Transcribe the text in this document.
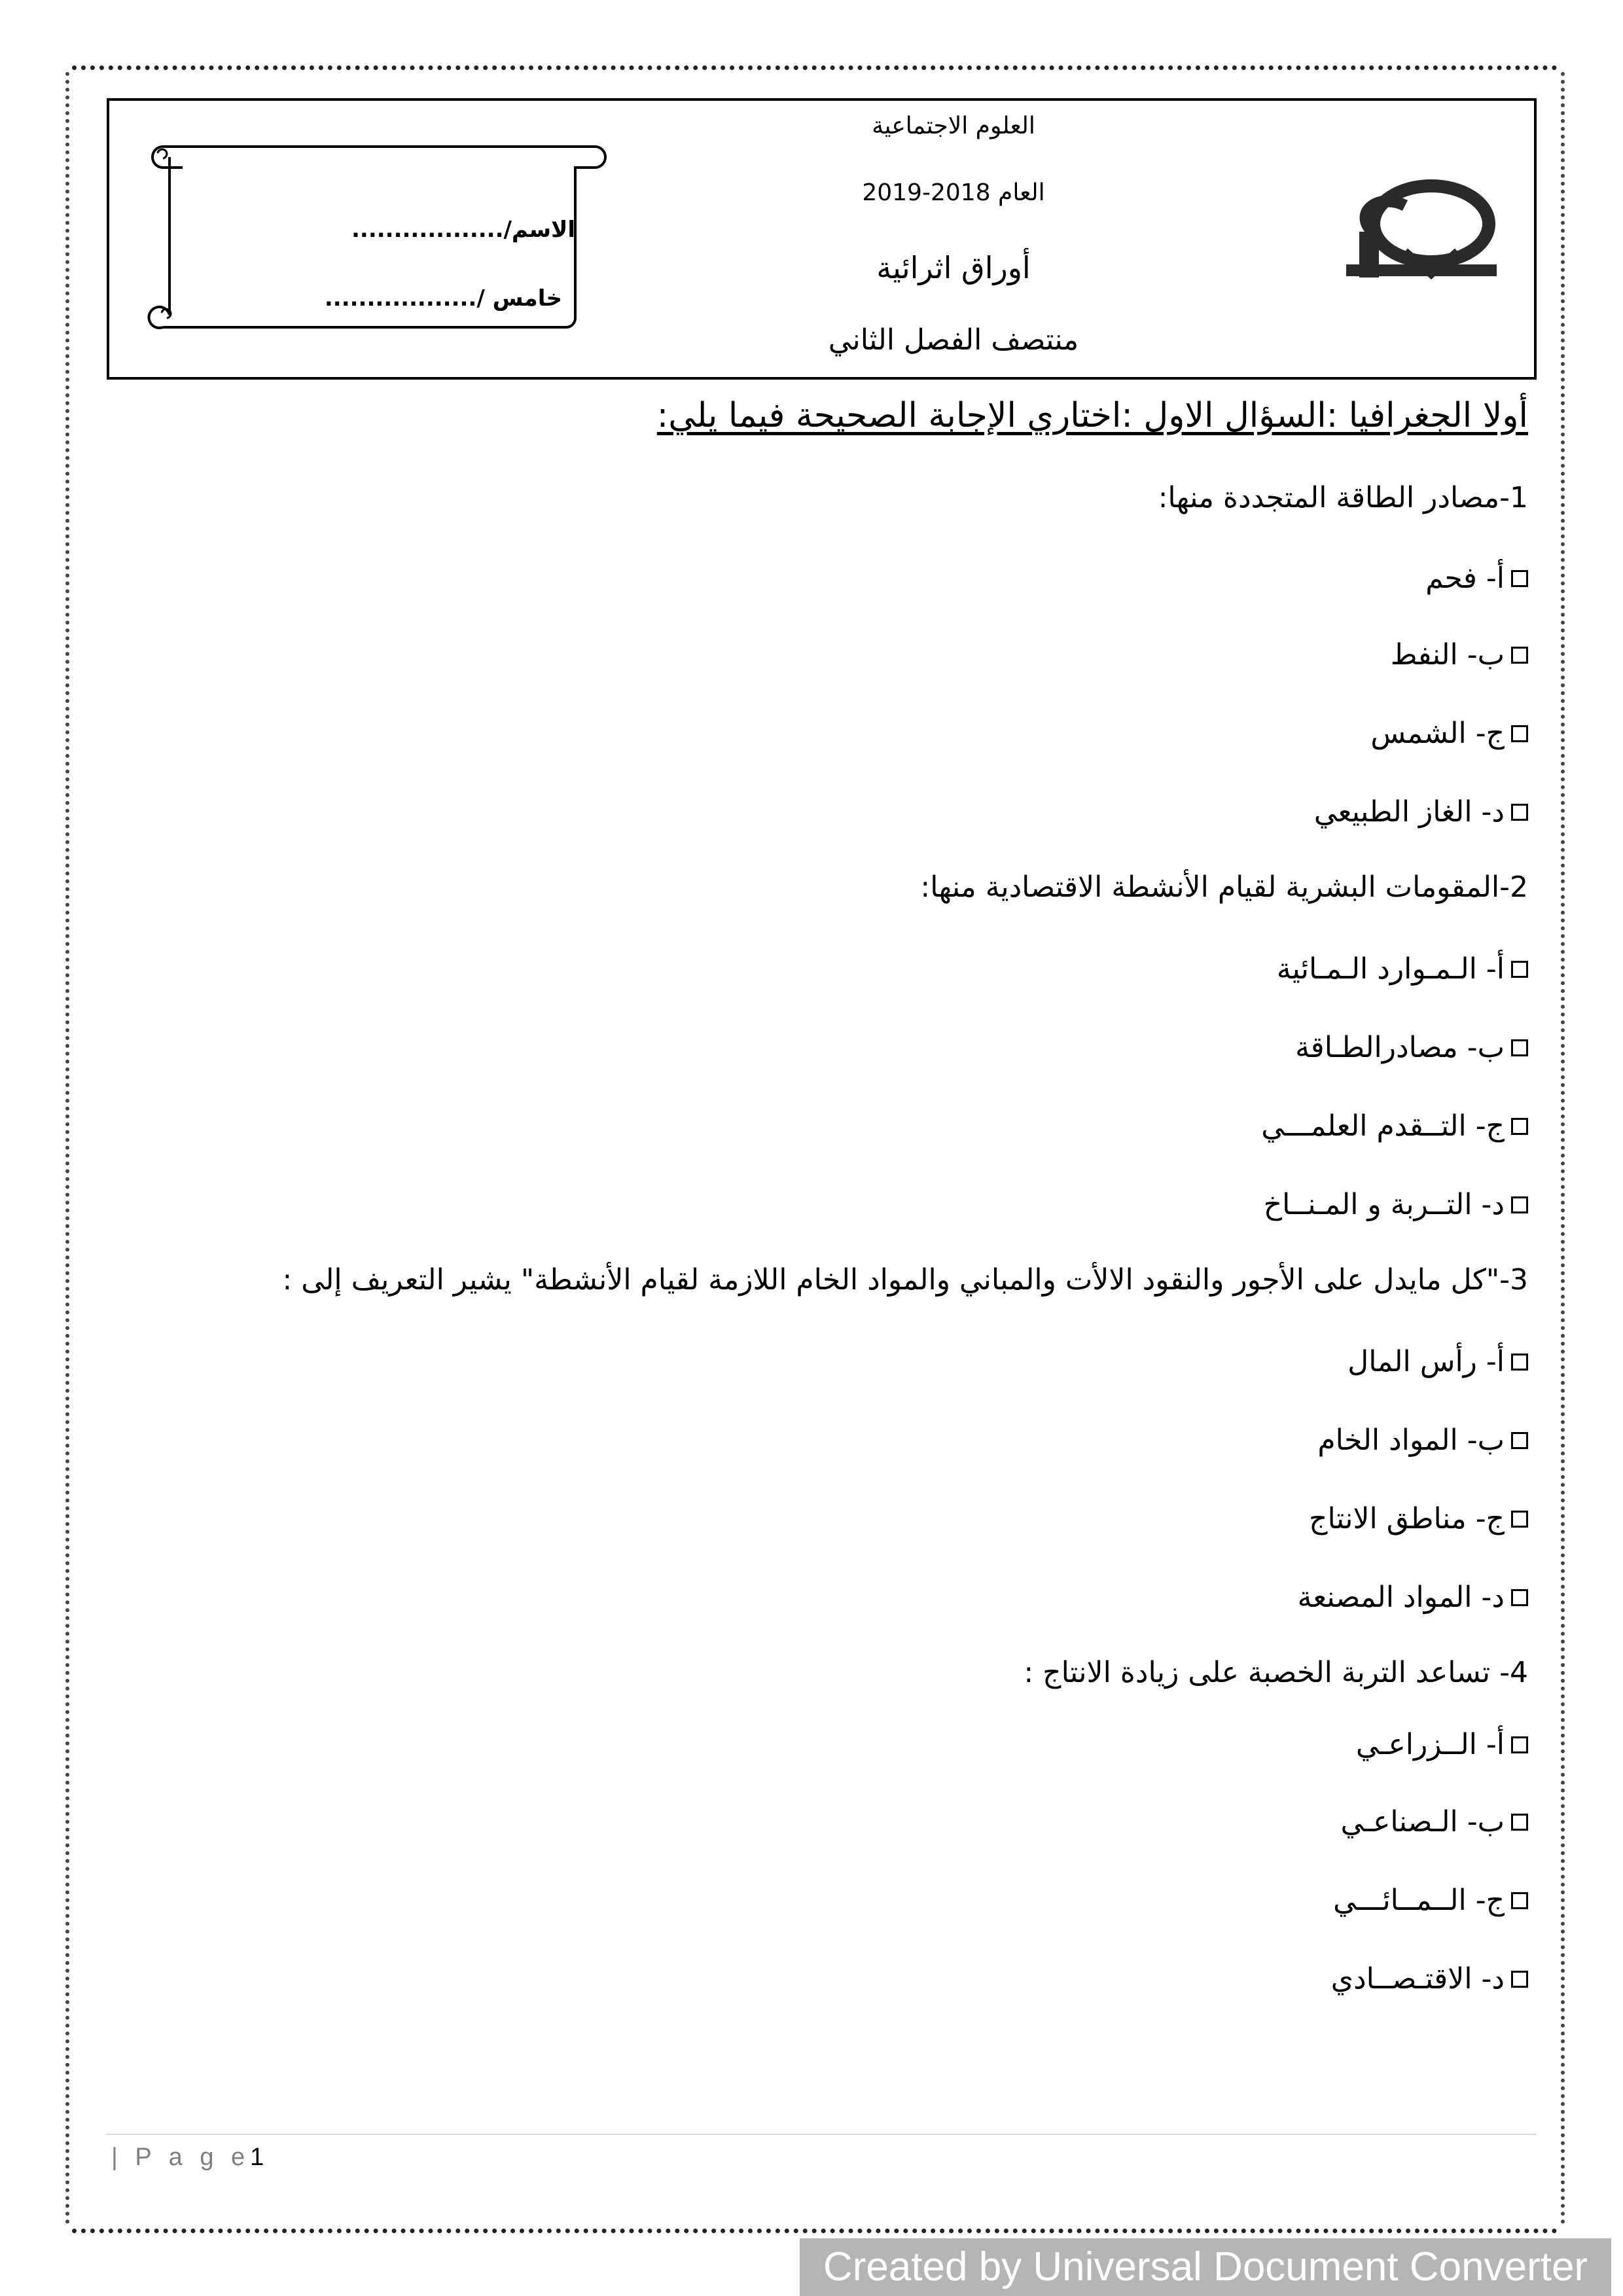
الاسم/..................
خامس /..................
العلوم الاجتماعية
العام 2018-2019
أوراق اثرائية
منتصف الفصل الثاني
أولا الجغرافيا :السؤال الاول :اختاري الإجابة الصحيحة فيما يلي:
1-مصادر الطاقة المتجددة منها:
أ- فحم
ب- النفط
ج- الشمس
د- الغاز الطبيعي
2-المقومات البشرية لقيام الأنشطة الاقتصادية منها:
أ- الـمـوارد الـمـائية
ب- مصادرالطـاقة
ج- التــقدم العلمـــي
د- التــربة و المـنــاخ
3-"كل مايدل على الأجور والنقود الالأت والمباني والمواد الخام اللازمة لقيام الأنشطة" يشير التعريف إلى :
أ- رأس المال
ب- المواد الخام
ج- مناطق الانتاج
د- المواد المصنعة
4- تساعد التربة الخصبة على زيادة الانتاج :
أ- الــزراعـي
ب- الـصناعـي
ج- الــمــائـــي
د- الاقتـصــادي
| P a g e1
Created by Universal Document Converter
